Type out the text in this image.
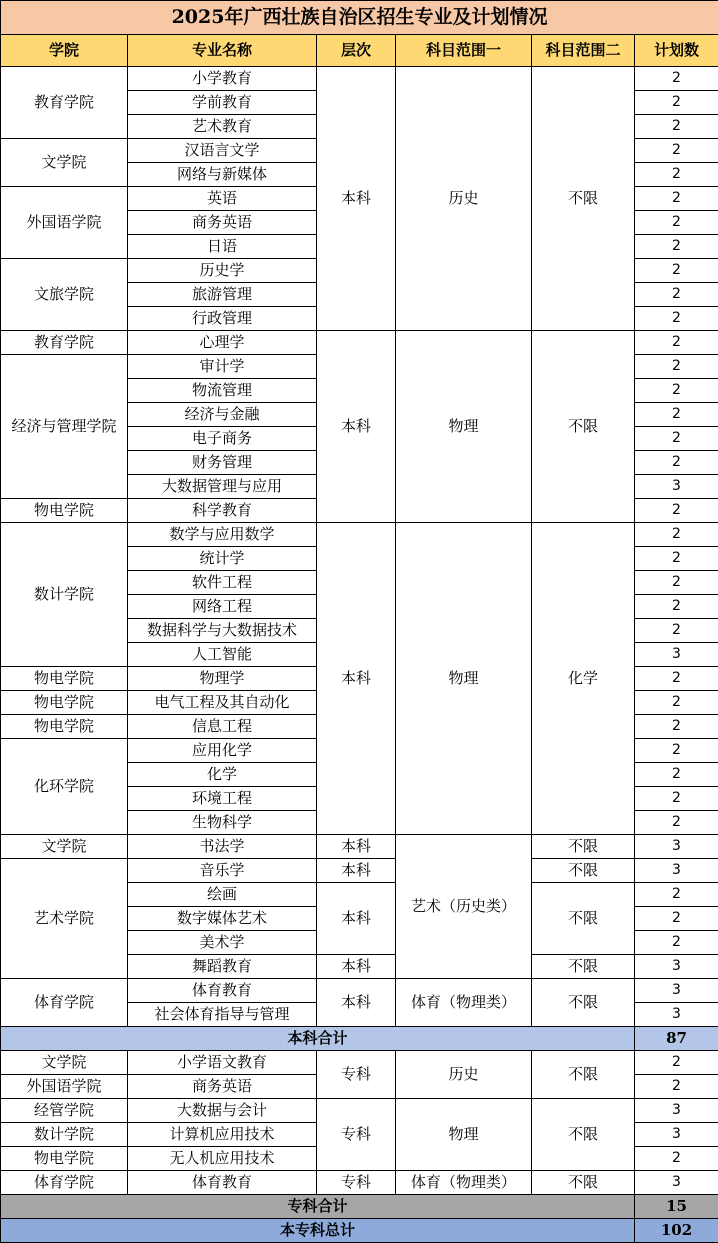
2025年广西壮族自治区招生专业及计划情况					
学院	专业名称	层次	科目范围一	科目范围二	计划数
教育学院	小学教育	本科	历史	不限	2
	学前教育				2
	艺术教育				2
文学院	汉语言文学				2
	网络与新媒体				2
外国语学院	英语				2
	商务英语				2
	日语				2
文旅学院	历史学				2
	旅游管理				2
	行政管理				2
教育学院	心理学	本科	物理	不限	2
经济与管理学院	审计学				2
	物流管理				2
	经济与金融				2
	电子商务				2
	财务管理				2
	大数据管理与应用				3
物电学院	科学教育				2
数计学院	数学与应用数学	本科	物理	化学	2
	统计学				2
	软件工程				2
	网络工程				2
	数据科学与大数据技术				2
	人工智能				3
物电学院	物理学				2
物电学院	电气工程及其自动化				2
物电学院	信息工程				2
化环学院	应用化学				2
	化学				2
	环境工程				2
	生物科学				2
文学院	书法学	本科	艺术（历史类）	不限	3
艺术学院	音乐学	本科		不限	3
	绘画	本科		不限	2
	数字媒体艺术				2
	美术学				2
	舞蹈教育	本科		不限	3
体育学院	体育教育	本科	体育（物理类）	不限	3
	社会体育指导与管理				3
本科合计					87
文学院	小学语文教育	专科	历史	不限	2
外国语学院	商务英语				2
经管学院	大数据与会计	专科	物理	不限	3
数计学院	计算机应用技术				3
物电学院	无人机应用技术				2
体育学院	体育教育	专科	体育（物理类）	不限	3
专科合计					15
本专科总计					102
